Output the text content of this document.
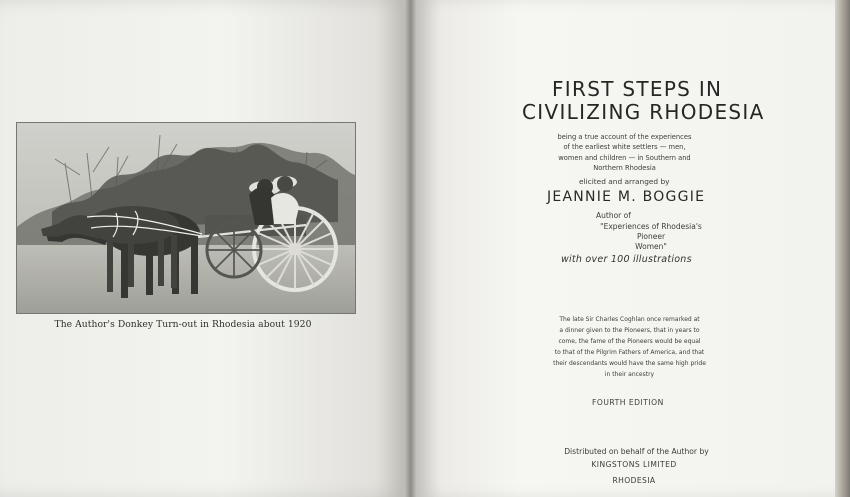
The Author's Donkey Turn-out in Rhodesia about 1920
FIRST STEPS IN
CIVILIZING RHODESIA
being a true account of the experiences
of the earliest white settlers — men,
women and children — in Southern and
Northern Rhodesia
elicited and arranged by
JEANNIE M. BOGGIE
Author of
"Experiences of Rhodesia's Pioneer
Women"
with over 100 illustrations
The late Sir Charles Coghlan once remarked at
a dinner given to the Pioneers, that in years to
come, the fame of the Pioneers would be equal
to that of the Pilgrim Fathers of America, and that
their descendants would have the same high pride
in their ancestry
FOURTH EDITION
Distributed on behalf of the Author by
KINGSTONS LIMITED
RHODESIA
